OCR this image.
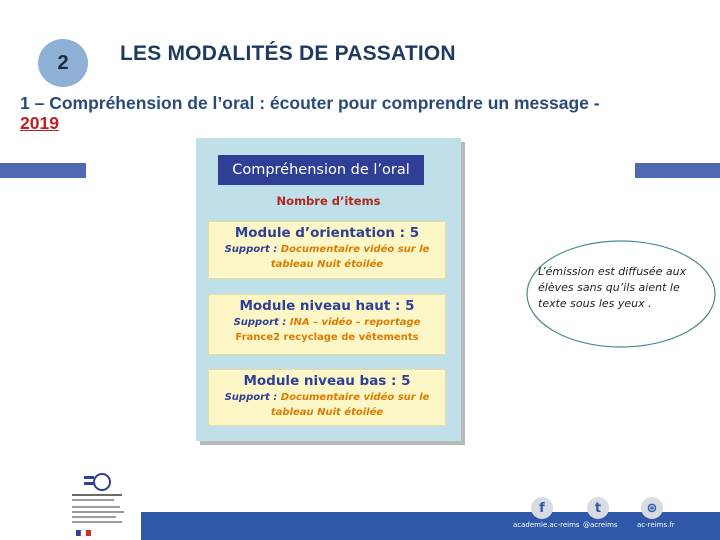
2 LES MODALITÉS DE PASSATION
1 – Compréhension de l’oral : écouter pour comprendre un message - 2019
Compréhension de l’oral
Nombre d’items
Module d’orientation : 5
Support : Documentaire vidéo sur le
tableau Nuit étoilée
Module niveau haut : 5
Support : INA – vidéo – reportage
France2 recyclage de vêtements
Module niveau bas : 5
Support : Documentaire vidéo sur le
tableau Nuit étoilée
L’émission est diffusée aux élèves sans qu’ils aient le texte sous les yeux .
f
academie.ac-reims
t
@acreims
⊛
ac-reims.fr
